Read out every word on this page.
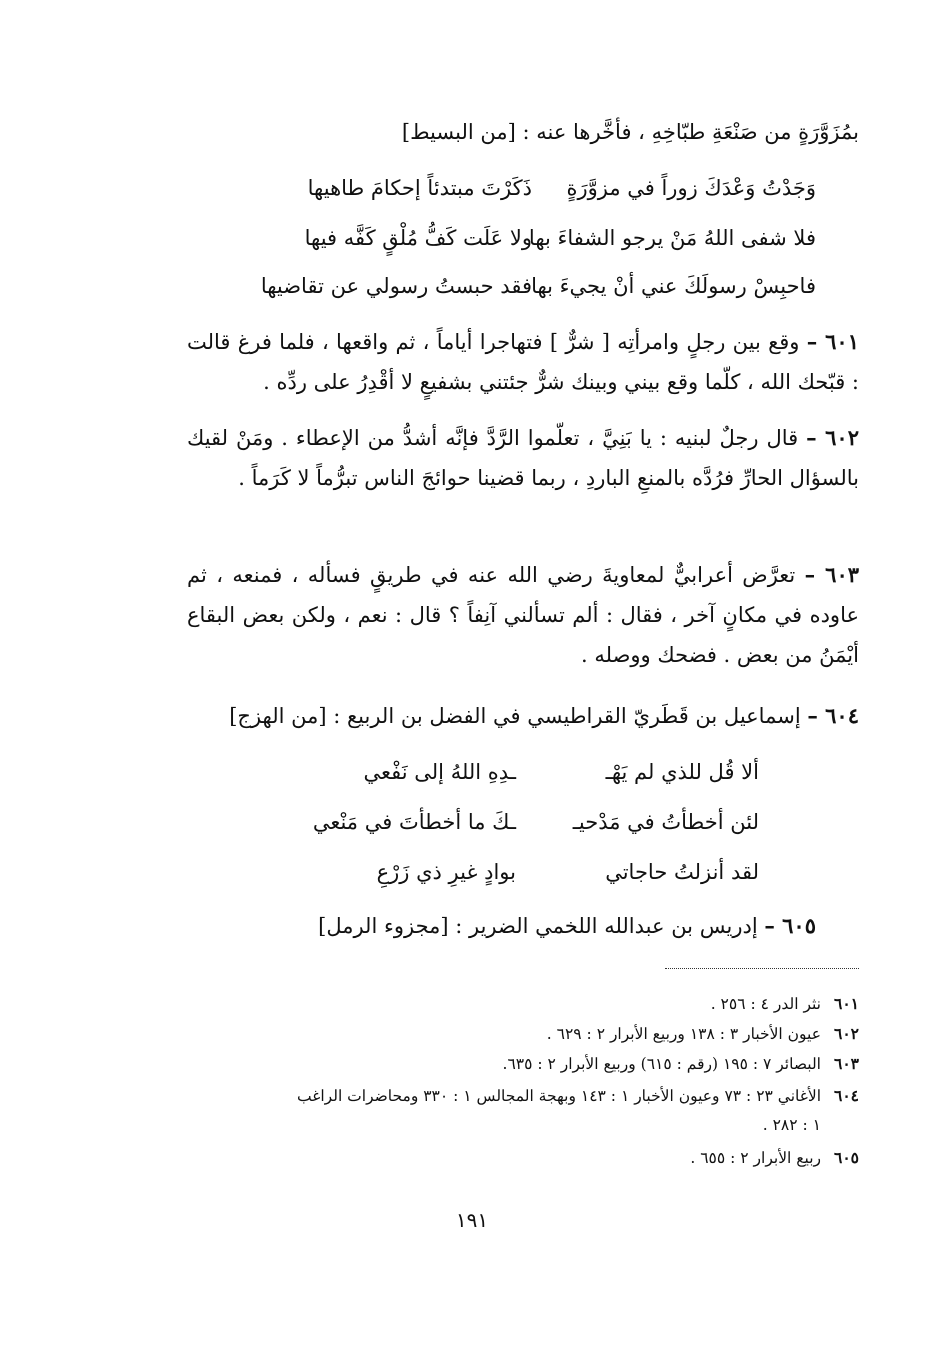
بمُزَوَّرَةٍ من صَنْعَةِ طبّاخِهِ ، فأخَّرها عنه : [من البسيط]
وَجَدْتُ وَعْدَكَ زوراً في مزوَّرَةٍ
ذَكَرْتَ مبتدئاً إحكامَ طاهيها
فلا شفى اللهُ مَنْ يرجو الشفاءَ بها
ولا عَلَت كَفُّ مُلْقٍ كَفَّه فيها
فاحبِسْ رسولَكَ عني أنْ يجيءَ بها
فقد حبستُ رسولي عن تقاضيها
٦٠١ – وقع بين رجلٍ وامرأتِه [ شرٌّ ] فتهاجرا أياماً ، ثم واقعها ، فلما فرغ قالت : قبّحك الله ، كلّما وقع بيني وبينك شرٌّ جئتني بشفيعٍ لا أقْدِرُ على ردِّه .
٦٠٢ – قال رجلٌ لبنيه : يا بَنِيَّ ، تعلّموا الرَّدَّ فإنَّه أشدُّ من الإعطاء . ومَنْ لقيك بالسؤال الحارِّ فرُدَّه بالمنعِ الباردِ ، ربما قضينا حوائجَ الناس تبرُّماً لا كَرَماً .
٦٠٣ – تعرَّض أعرابيٌّ لمعاويةَ رضي الله عنه في طريقٍ فسأله ، فمنعه ، ثم عاوده في مكانٍ آخر ، فقال : ألم تسألني آنِفاً ؟ قال : نعم ، ولكن بعض البقاع أيْمَنُ من بعض . فضحك ووصله .
٦٠٤ – إسماعيل بن قَطَريّ القراطيسي في الفضل بن الربيع : [من الهزج]
ألا قُل للذي لم يَهْـ
ـدِهِ اللهُ إلى نَفْعي
لئن أخطأتُ في مَدْحيـ
ـكَ ما أخطأتَ في مَنْعي
لقد أنزلتُ حاجاتي
بوادٍ غيرِ ذي زَرْعِ
٦٠٥ – إدريس بن عبدالله اللخمي الضرير : [مجزوء الرمل]
٦٠١نثر الدر ٤ : ٢٥٦ .
٦٠٢عيون الأخبار ٣ : ١٣٨ وربيع الأبرار ٢ : ٦٢٩ .
٦٠٣البصائر ٧ : ١٩٥ (رقم : ٦١٥) وربيع الأبرار ٢ : ٦٣٥.
٦٠٤الأغاني ٢٣ : ٧٣ وعيون الأخبار ١ : ١٤٣ وبهجة المجالس ١ : ٣٣٠ ومحاضرات الراغب
١ : ٢٨٢ .
٦٠٥ربيع الأبرار ٢ : ٦٥٥ .
١٩١
